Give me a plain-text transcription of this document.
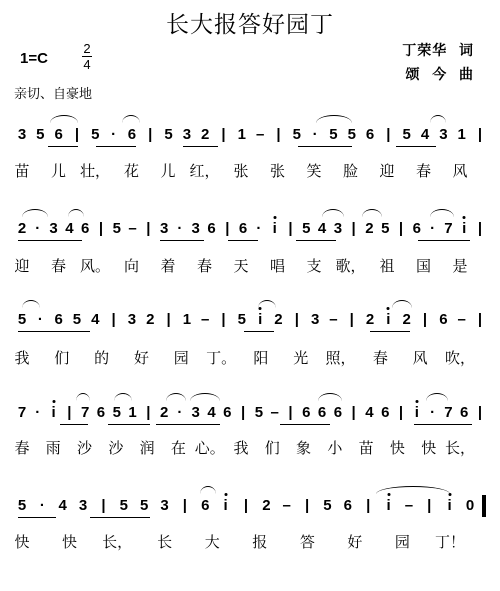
长大报答好园丁
1=C
2
4
亲切、自豪地
丁荣华  词
颂  今  曲
3 5 6 | 5 · 6 | 5 3 2 | 1 – | 5 · 5 5 6 | 5 4 3 1 |
苗 儿 壮， 花 儿 红， 张 张 笑 脸 迎 春 风
2 · 3 4 6 | 5 – | 3 · 3 6 | 6 · i | 5 4 3 | 2 5 | 6 · 7 i |
迎 春 风。 向 着 春 天 唱 支 歌， 祖 国 是
5 · 6 5 4 | 3 2 | 1 – | 5 i 2 | 3 – | 2 i 2 | 6 – |
我 们 的 好 园 丁。 阳 光 照， 春 风 吹，
7 · i | 7 6 5 1 | 2 · 3 4 6 | 5 – | 6 6 6 | 4 6 | i · 7 6 |
春 雨 沙 沙 润 在 心。 我 们 象 小 苗 快 快 长，
5 · 4 3 | 5 5 3 | 6 i | 2 – | 5 6 | i – | i 0
快 快 长， 长 大 报 答 好 园 丁！
